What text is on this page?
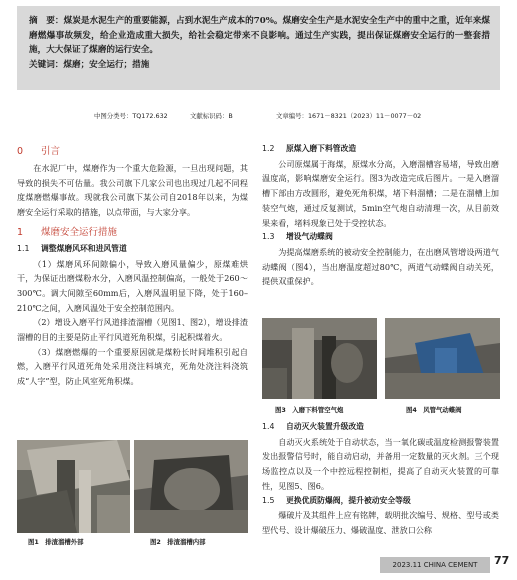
摘　要：煤炭是水泥生产的重要能源，占到水泥生产成本的70%。煤磨安全生产是水泥安全生产中的重中之重，近年来煤磨燃爆事故频发，给企业造成重大损失，给社会稳定带来不良影响。通过生产实践，提出保证煤磨安全运行的一整套措施，大大保证了煤磨的运行安全。

关键词：煤磨；安全运行；措施

中图分类号：TQ172.632	文献标识码：B	文章编号：1671－8321（2023）11－0077－02
0 引言

在水泥厂中，煤磨作为一个重大危险源，一旦出现问题，其导致的损失不可估量。我公司旗下几家公司也出现过几起不同程度煤磨燃爆事故。现就我公司旗下某公司自2018年以来，为煤磨安全运行采取的措施，以点带面，与大家分享。

1 煤磨安全运行措施
1.1 调整煤磨风环和进风管道

（1）煤磨风环间隙偏小，导致入磨风量偏少，原煤难烘干，为保证出磨煤粉水分，入磨风温控制偏高，一般处于260～300℃。调大间隙至60mm后，入磨风温明显下降，处于160–210℃之间，入磨风温处于安全控制范围内。

（2）增设入磨平行风道排渣溜槽（见图1、图2），增设排渣溜槽的目的主要是防止平行风道死角积煤，引起积煤着火。

（3）煤磨燃爆的一个重要原因就是煤粉长时间堆积引起自燃，入磨平行风道死角处采用浇注料填充，死角处浇注料浇筑成“人字”型，防止风室死角积煤。

图1　排渣溜槽外部	图2　排渣溜槽内部
1.2 原煤入磨下料管改造

公司原煤属于海煤，原煤水分高，入磨溜槽容易堵，导致出磨温度高，影响煤磨安全运行。图3为改造完成后图片。一是入磨溜槽下部由方改圆形，避免死角积煤，堵下料溜槽；二是在溜槽上加装空气炮，通过反复测试，5min空气炮自动清理一次，从目前效果来看，堵料现象已处于受控状态。

1.3 增设气动蝶阀

为提高煤磨系统的被动安全控制能力，在出磨风管增设两道气动蝶阀（图4），当出磨温度超过80℃，两道气动蝶阀自动关死，提供双重保护。

图3　入磨下料管空气炮	图4　风管气动蝶阀
1.4 自动灭火装置升级改造

自动灭火系统处于自动状态，当一氧化碳或温度检测报警装置发出报警信号时，能自动启动，并备用一定数量的灭火剂。三个现场监控点以及一个中控远程控制柜，提高了自动灭火装置的可靠性，见图5、图6。

1.5 更换优质防爆阀，提升被动安全等级

爆破片及其组件上应有铭牌，载明批次编号、规格、型号或类型代号、设计爆破压力、爆破温度、泄放口公称

2023.11 CHINA CEMENT	77
